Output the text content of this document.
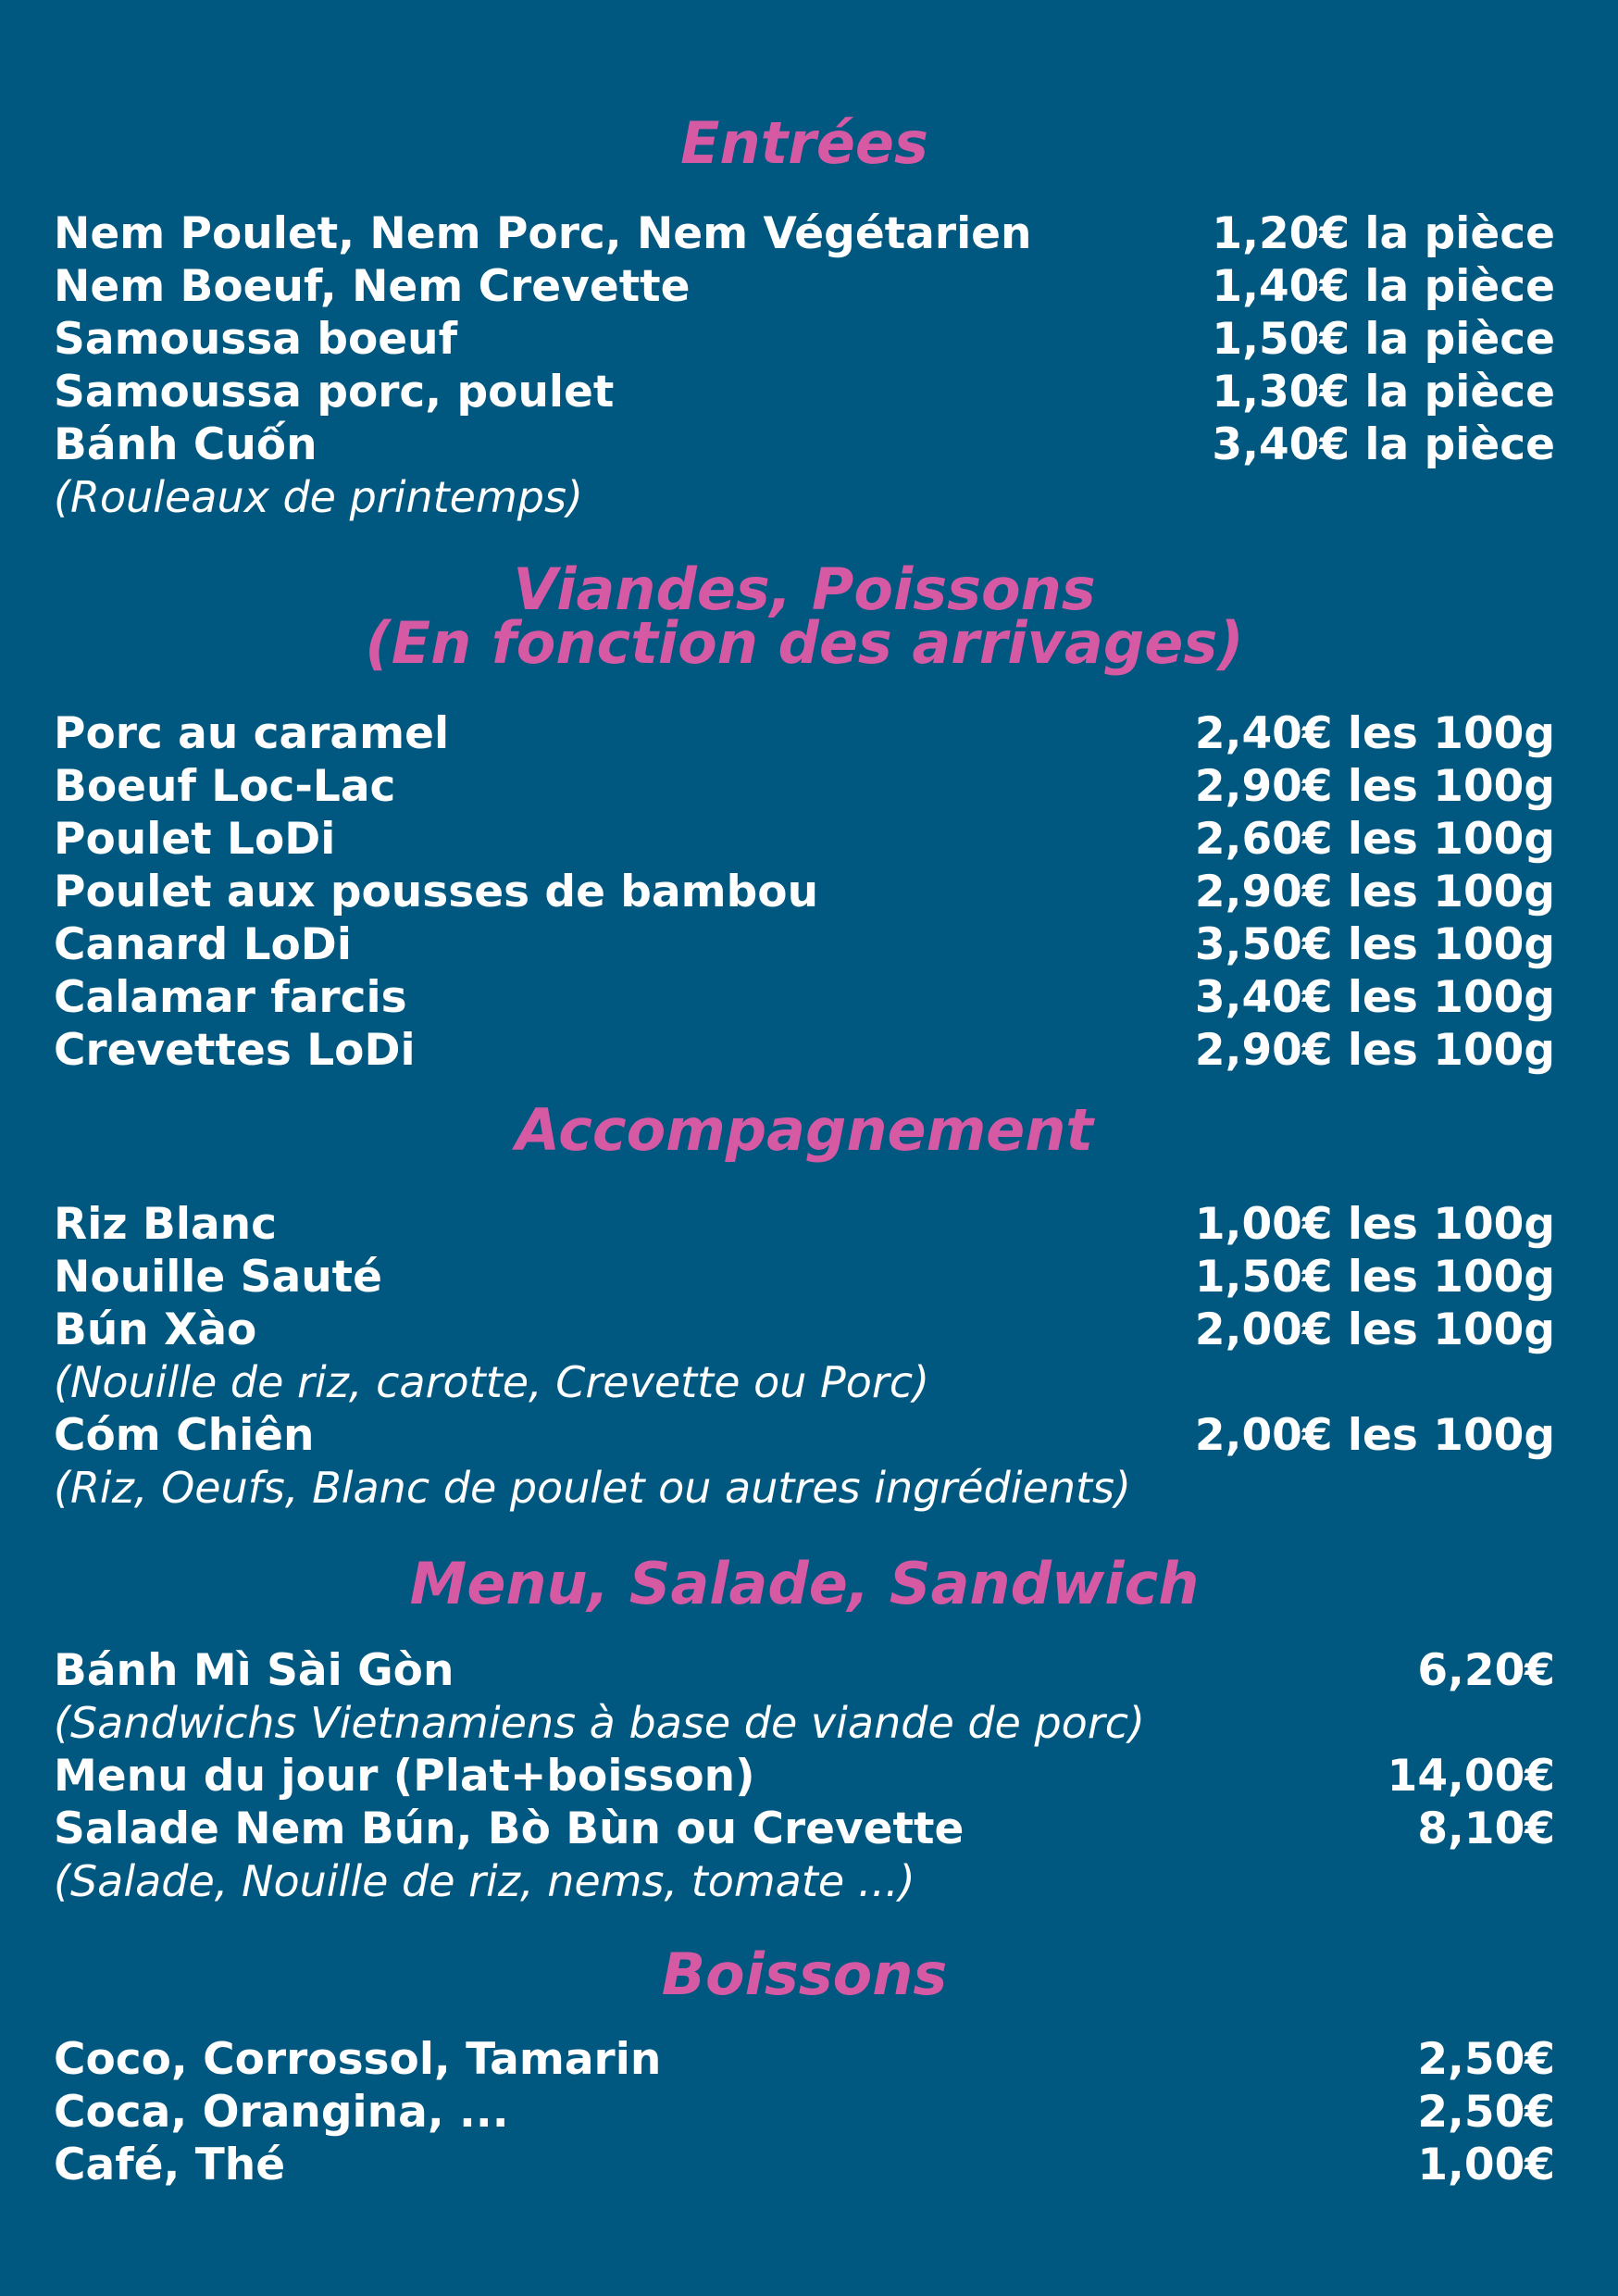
Entrées
Nem Poulet, Nem Porc, Nem Végétarien	1,20€ la pièce
Nem Boeuf, Nem Crevette	1,40€ la pièce
Samoussa boeuf	1,50€ la pièce
Samoussa porc, poulet	1,30€ la pièce
Bánh Cuốn	3,40€ la pièce
(Rouleaux de printemps)
Viandes, Poissons
(En fonction des arrivages)
Porc au caramel	2,40€ les 100g
Boeuf Loc-Lac	2,90€ les 100g
Poulet LoDi	2,60€ les 100g
Poulet aux pousses de bambou	2,90€ les 100g
Canard LoDi	3,50€ les 100g
Calamar farcis	3,40€ les 100g
Crevettes LoDi	2,90€ les 100g
Accompagnement
Riz Blanc	1,00€ les 100g
Nouille Sauté	1,50€ les 100g
Bún Xào	2,00€ les 100g
(Nouille de riz, carotte, Crevette ou Porc)
Cóm Chiên	2,00€ les 100g
(Riz, Oeufs, Blanc de poulet ou autres ingrédients)
Menu, Salade, Sandwich
Bánh Mì Sài Gòn	6,20€
(Sandwichs Vietnamiens à base de viande de porc)
Menu du jour (Plat+boisson)	14,00€
Salade Nem Bún, Bò Bùn ou Crevette	8,10€
(Salade, Nouille de riz, nems, tomate ...)
Boissons
Coco, Corrossol, Tamarin	2,50€
Coca, Orangina, ...	2,50€
Café, Thé	1,00€
